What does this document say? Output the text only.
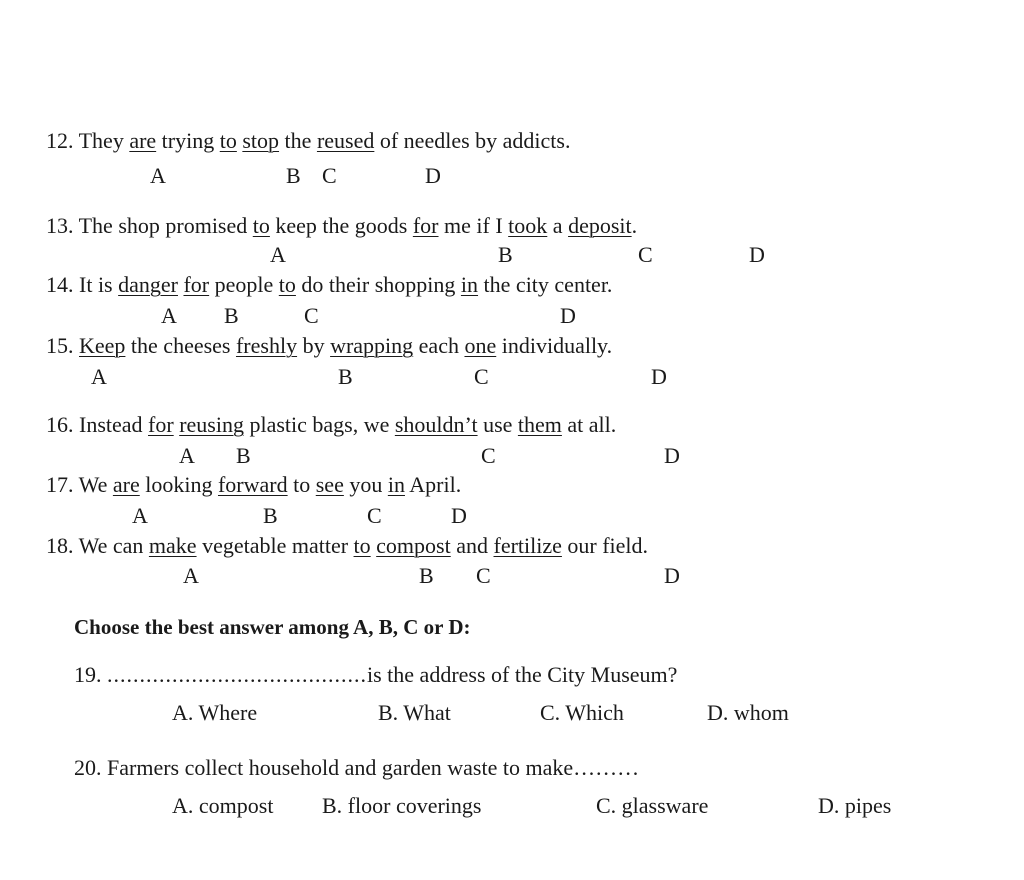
12. They are trying to stop the reused of needles by addicts.
A	B C	D
13. The shop promised to keep the goods for me if I took a deposit.
A	B	C	D
14. It is danger for people to do their shopping in the city center.
A B	C	D
15. Keep the cheeses freshly by wrapping each one individually.
A	B	C	D
16. Instead for reusing plastic bags, we shouldn’t use them at all.
A B	C	D
17. We are looking forward to see you in April.
A	B	C	D
18. We can make vegetable matter to compost and fertilize our field.
A	B C	D
Choose the best answer among A, B, C or D:
19. ........................................is the address of the City Museum?
A. Where	B. What	C. Which	D. whom
20. Farmers collect household and garden waste to make………
A. compost B. floor coverings	C. glassware	D. pipes
